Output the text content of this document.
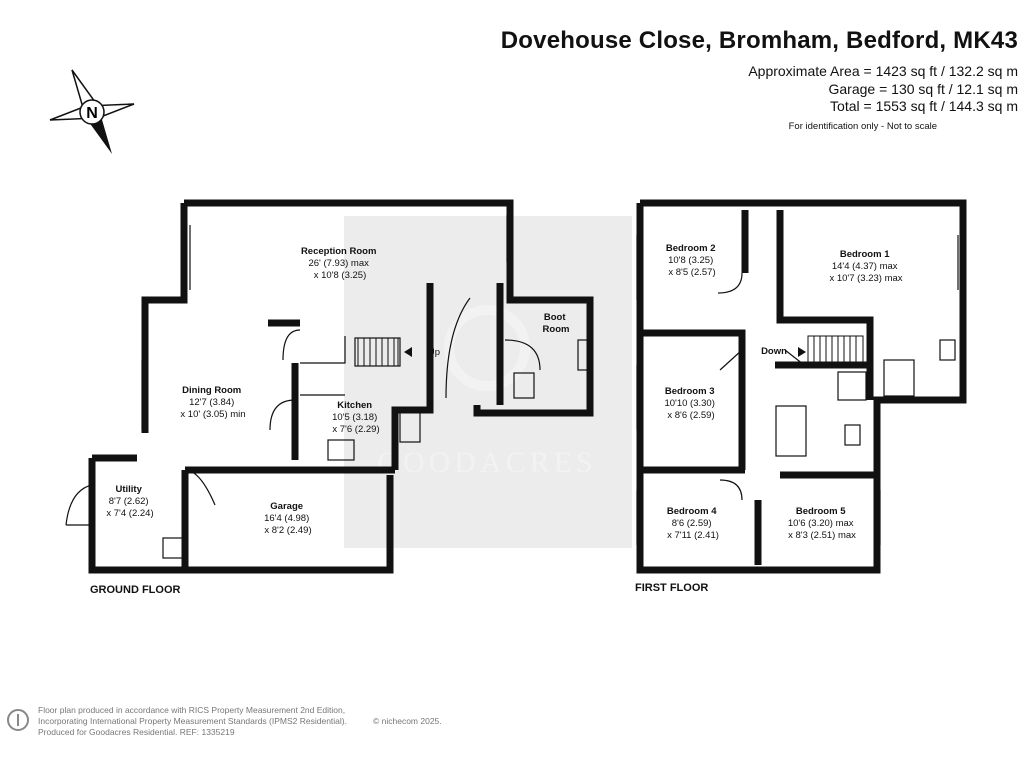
Dovehouse Close, Bromham, Bedford, MK43
Approximate Area = 1423 sq ft / 132.2 sq m
Garage = 130 sq ft / 12.1 sq m
Total = 1553 sq ft / 144.3 sq m
For identification only - Not to scale
N
GOODACRES
Reception Room 26' (7.93) max x 10'8 (3.25)
Dining Room 12'7 (3.84) x 10' (3.05) min
Kitchen 10'5 (3.18) x 7'6 (2.29)
Boot Room
Utility 8'7 (2.62) x 7'4 (2.24)
Garage 16'4 (4.98) x 8'2 (2.49)
Up
Bedroom 2 10'8 (3.25) x 8'5 (2.57)
Bedroom 1 14'4 (4.37) max x 10'7 (3.23) max
Bedroom 3 10'10 (3.30) x 8'6 (2.59)
Bedroom 4 8'6 (2.59) x 7'11 (2.41)
Bedroom 5 10'6 (3.20) max x 8'3 (2.51) max
Down
GROUND FLOOR	FIRST FLOOR
Floor plan produced in accordance with RICS Property Measurement 2nd Edition,
Incorporating International Property Measurement Standards (IPMS2 Residential).
Produced for Goodacres Residential. REF: 1335219
© nichecom 2025.
